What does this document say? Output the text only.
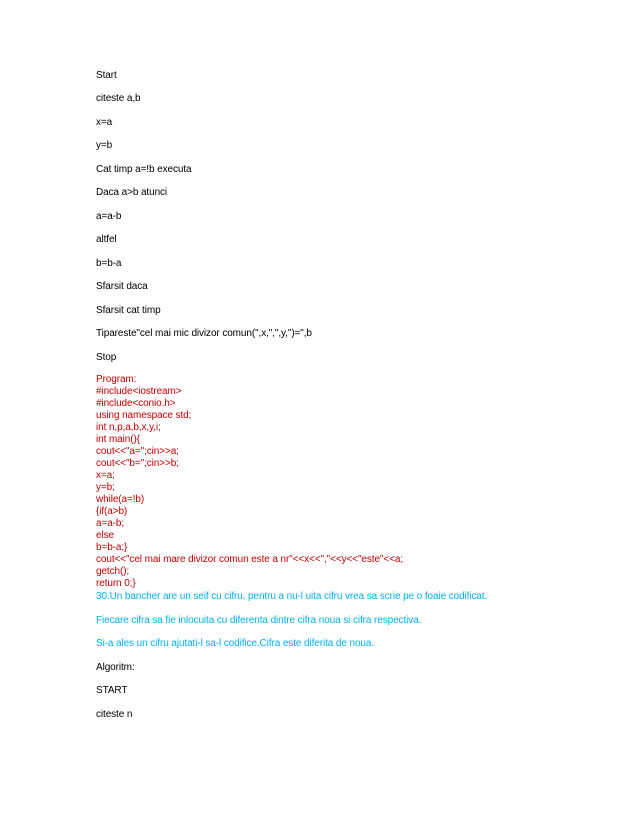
Start
citeste a,b
x=a
y=b
Cat timp a=!b executa
Daca a>b atunci
a=a-b
altfel
b=b-a
Sfarsit daca
Sfarsit cat timp
Tipareste"cel mai mic divizor comun(",x,",",y,")=",b
Stop
Program:
#include<iostream>
#include<conio.h>
using namespace std;
int n,p,a,b,x,y,i;
int main(){
cout<<"a=";cin>>a;
cout<<"b=";cin>>b;
x=a;
y=b;
while(a=!b)
{if(a>b)
a=a-b;
else
b=b-a;}
cout<<"cel mai mare divizor comun este a nr"<<x<<","<<y<<"este"<<a;
getch();
return 0;}
30.Un bancher are un seif cu cifru, pentru a nu-l uita cifru vrea sa scrie pe o foaie codificat.
Fiecare cifra sa fie inlocuita cu diferenta dintre cifra noua si cifra respectiva.
Si-a ales un cifru ajutati-l sa-l codifice.Cifra este diferita de noua.
Algoritm:
START
citeste n
